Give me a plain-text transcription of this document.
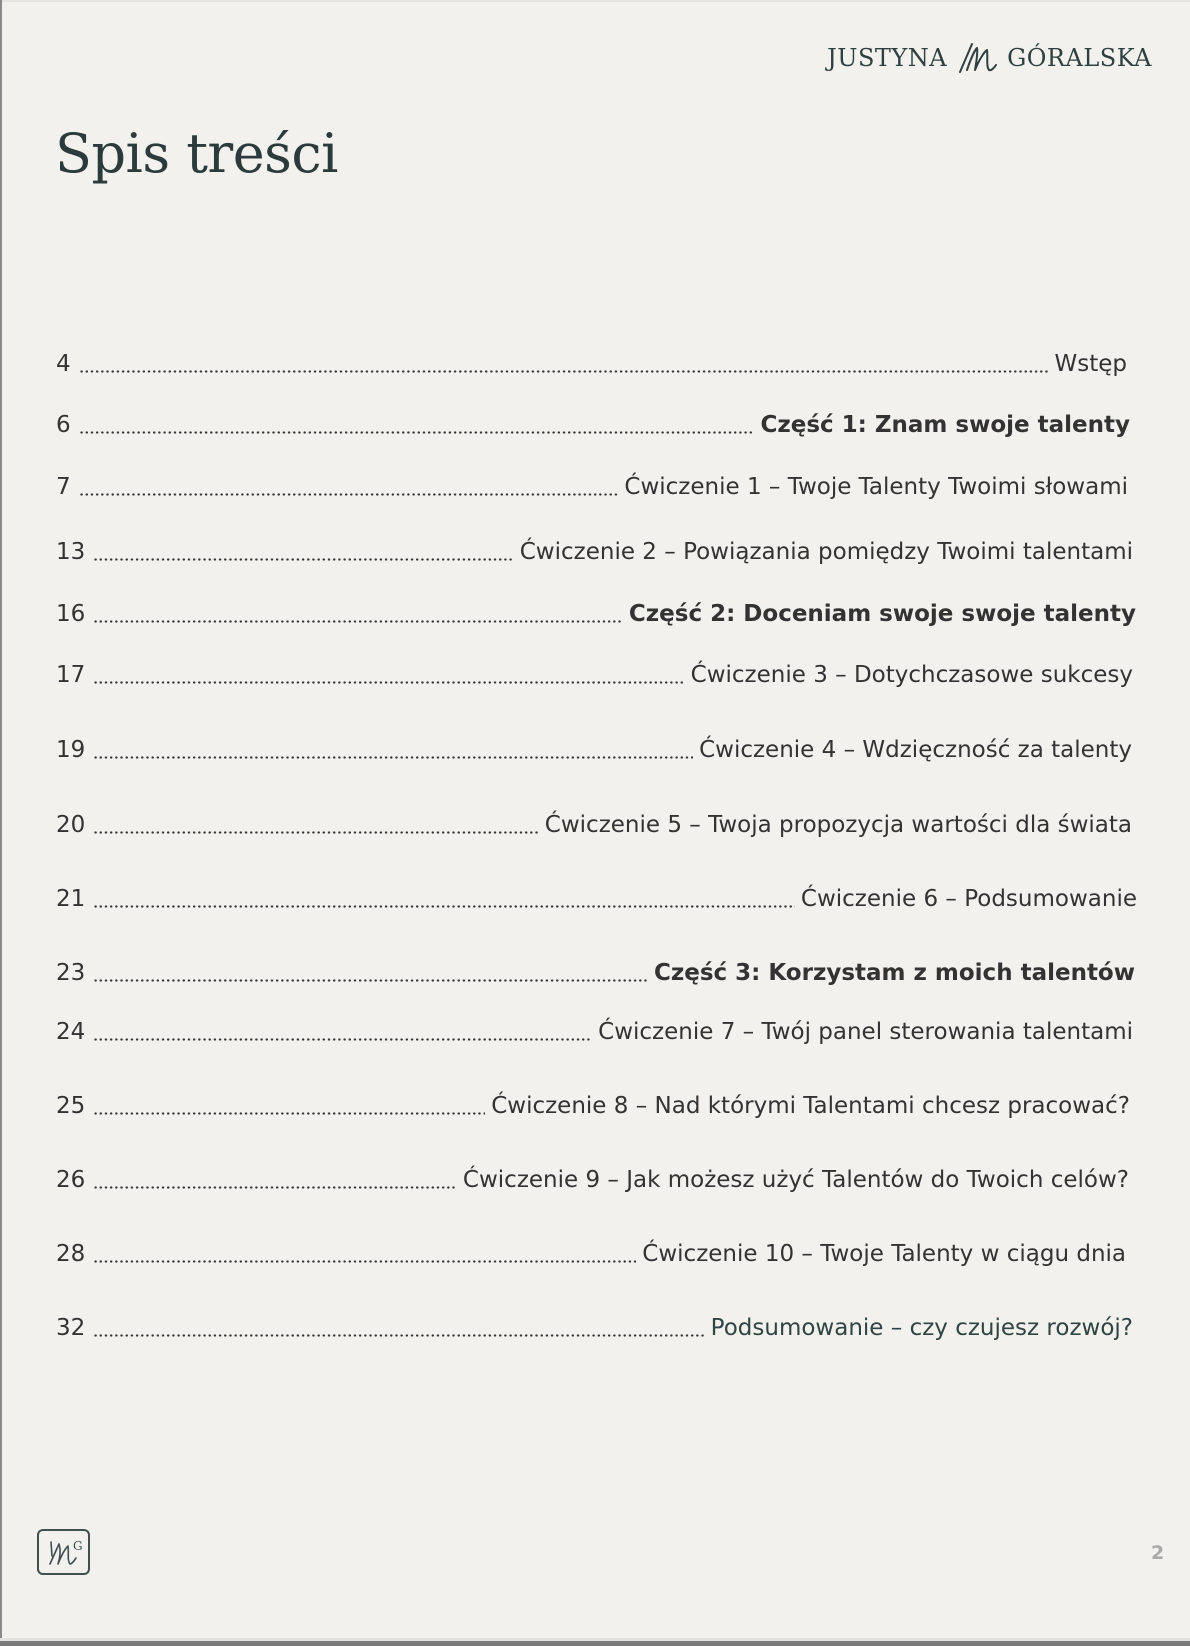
JUSTYNA	GÓRALSKA
Spis treści
4	Wstęp
6	Część 1: Znam swoje talenty
7	Ćwiczenie 1 – Twoje Talenty Twoimi słowami
13	Ćwiczenie 2 – Powiązania pomiędzy Twoimi talentami
16	Część 2: Doceniam swoje swoje talenty
17	Ćwiczenie 3 – Dotychczasowe sukcesy
19	Ćwiczenie 4 – Wdzięczność za talenty
20	Ćwiczenie 5 – Twoja propozycja wartości dla świata
21	Ćwiczenie 6 – Podsumowanie
23	Część 3: Korzystam z moich talentów
24	Ćwiczenie 7 – Twój panel sterowania talentami
25	Ćwiczenie 8 – Nad którymi Talentami chcesz pracować?
26	Ćwiczenie 9 – Jak możesz użyć Talentów do Twoich celów?
28	Ćwiczenie 10 – Twoje Talenty w ciągu dnia
32	Podsumowanie – czy czujesz rozwój?
G	2
